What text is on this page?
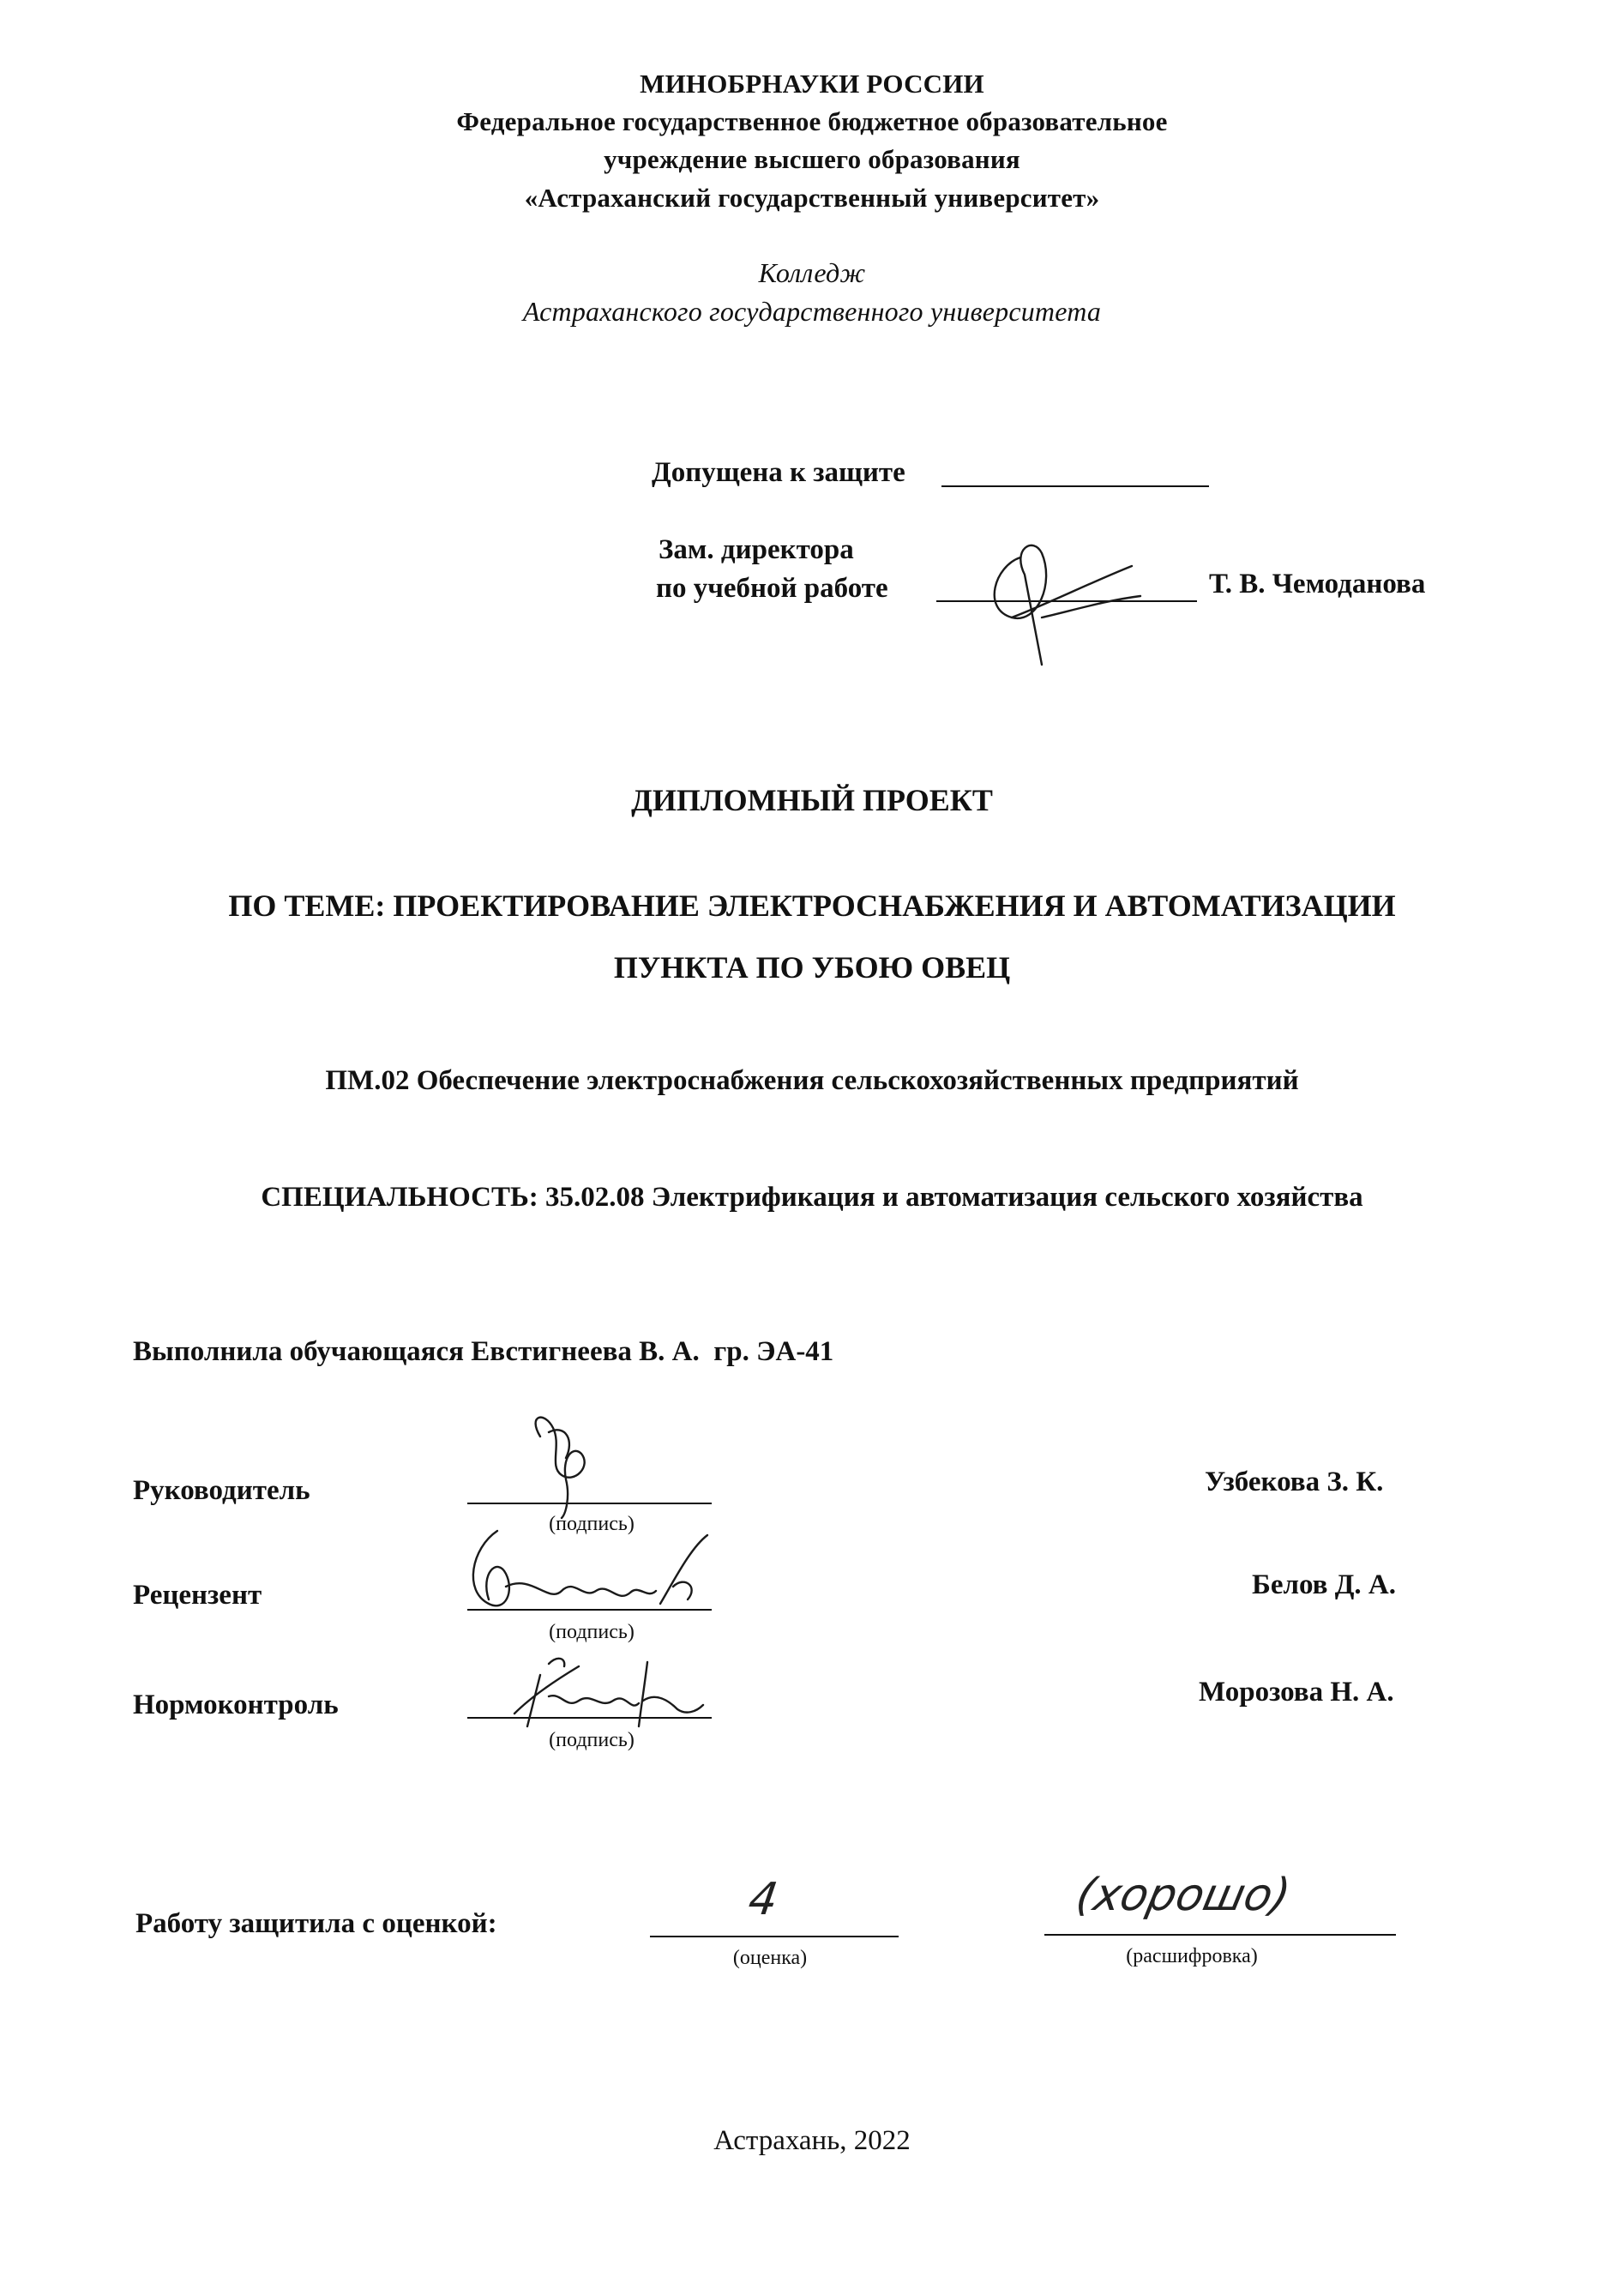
МИНОБРНАУКИ РОССИИ
Федеральное государственное бюджетное образовательное
учреждение высшего образования
«Астраханский государственный университет»
Колледж
Астраханского государственного университета
Допущена к защите
Зам. директора
по учебной работе	Т. В. Чемоданова
ДИПЛОМНЫЙ ПРОЕКТ
ПО ТЕМЕ: ПРОЕКТИРОВАНИЕ ЭЛЕКТРОСНАБЖЕНИЯ И АВТОМАТИЗАЦИИ
ПУНКТА ПО УБОЮ ОВЕЦ
ПМ.02 Обеспечение электроснабжения сельскохозяйственных предприятий
СПЕЦИАЛЬНОСТЬ: 35.02.08 Электрификация и автоматизация сельского хозяйства
Выполнила обучающаяся Евстигнеева В. А. гр. ЭА-41
Руководитель
(подпись)
Узбекова З. К.
Рецензент
(подпись)
Белов Д. А.
Нормоконтроль
(подпись)
Морозова Н. А.
Работу защитила с оценкой:	4
(оценка)
(хорошо)
(расшифровка)
Астрахань, 2022
